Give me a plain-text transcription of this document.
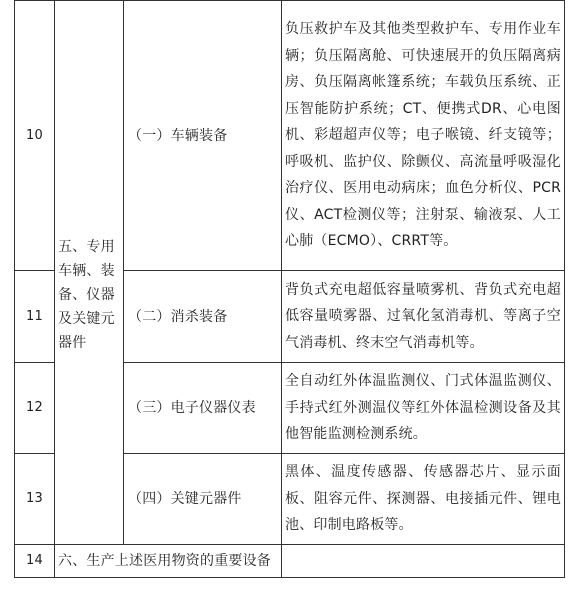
10	五、专用车辆、装备、仪器及关键元器件	（一）车辆装备	负压救护车及其他类型救护车、专用作业车辆；负压隔离舱、可快速展开的负压隔离病房、负压隔离帐篷系统；车载负压系统、正压智能防护系统；CT、便携式DR、心电图机、彩超超声仪等；电子喉镜、纤支镜等；呼吸机、监护仪、除颤仪、高流量呼吸湿化治疗仪、医用电动病床；血色分析仪、PCR仪、ACT检测仪等；注射泵、输液泵、人工心肺（ECMO）、CRRT等。
11		（二）消杀装备	背负式充电超低容量喷雾机、背负式充电超低容量喷雾器、过氧化氢消毒机、等离子空气消毒机、终末空气消毒机等。
12		（三）电子仪器仪表	全自动红外体温监测仪、门式体温监测仪、手持式红外测温仪等红外体温检测设备及其他智能监测检测系统。
13		（四）关键元器件	黑体、温度传感器、传感器芯片、显示面板、阻容元件、探测器、电接插元件、锂电池、印制电路板等。
14	六、生产上述医用物资的重要设备		
